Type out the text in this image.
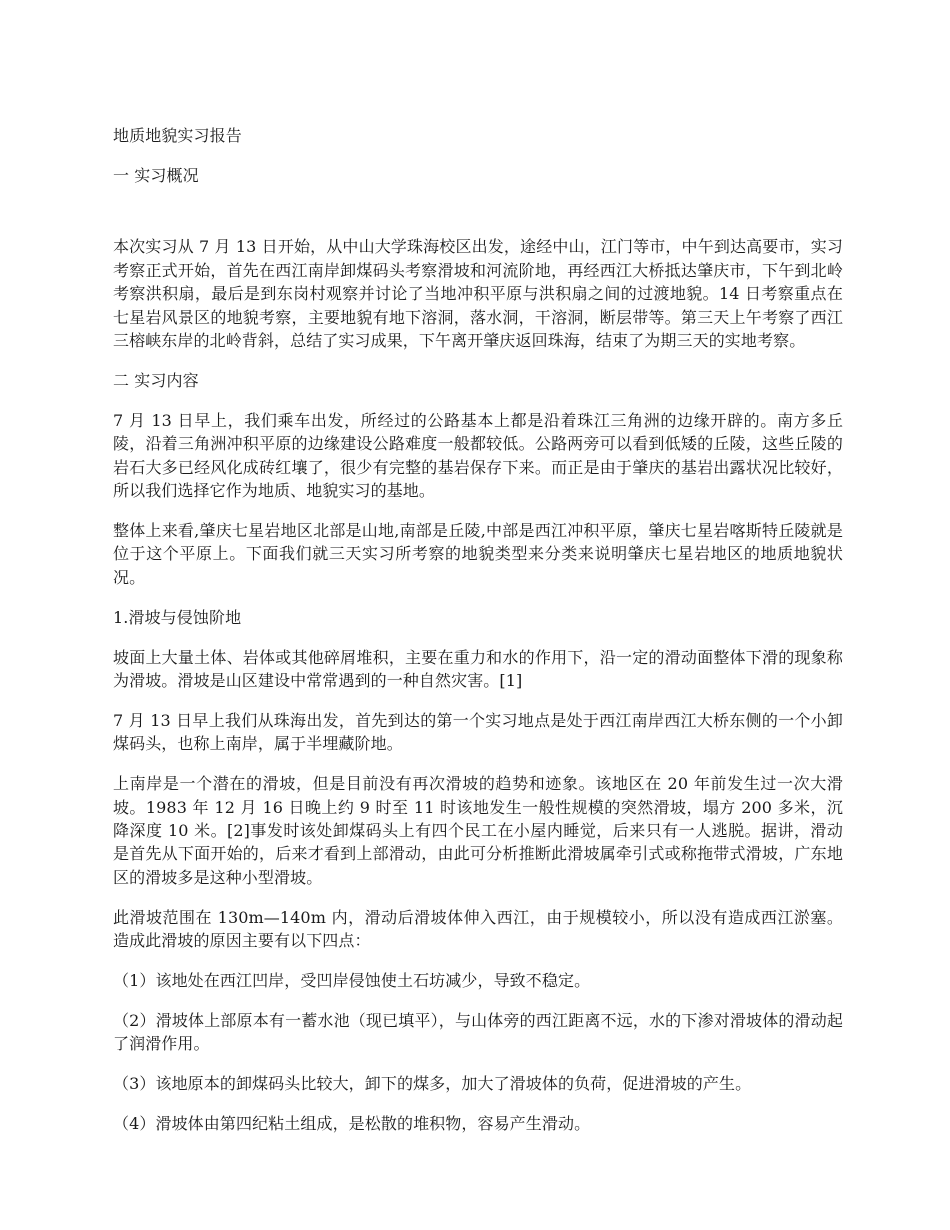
地质地貌实习报告

一 实习概况

本次实习从 7 月 13 日开始，从中山大学珠海校区出发，途经中山，江门等市，中午到达高要市，实习考察正式开始，首先在西江南岸卸煤码头考察滑坡和河流阶地，再经西江大桥抵达肇庆市，下午到北岭考察洪积扇，最后是到东岗村观察并讨论了当地冲积平原与洪积扇之间的过渡地貌。14 日考察重点在七星岩风景区的地貌考察，主要地貌有地下溶洞，落水洞，干溶洞，断层带等。第三天上午考察了西江三榕峡东岸的北岭背斜，总结了实习成果，下午离开肇庆返回珠海，结束了为期三天的实地考察。

二 实习内容

7 月 13 日早上，我们乘车出发，所经过的公路基本上都是沿着珠江三角洲的边缘开辟的。南方多丘陵，沿着三角洲冲积平原的边缘建设公路难度一般都较低。公路两旁可以看到低矮的丘陵，这些丘陵的岩石大多已经风化成砖红壤了，很少有完整的基岩保存下来。而正是由于肇庆的基岩出露状况比较好，所以我们选择它作为地质、地貌实习的基地。

整体上来看,肇庆七星岩地区北部是山地,南部是丘陵,中部是西江冲积平原，肇庆七星岩喀斯特丘陵就是位于这个平原上。下面我们就三天实习所考察的地貌类型来分类来说明肇庆七星岩地区的地质地貌状况。

1.滑坡与侵蚀阶地

坡面上大量土体、岩体或其他碎屑堆积，主要在重力和水的作用下，沿一定的滑动面整体下滑的现象称为滑坡。滑坡是山区建设中常常遇到的一种自然灾害。[1]

7 月 13 日早上我们从珠海出发，首先到达的第一个实习地点是处于西江南岸西江大桥东侧的一个小卸煤码头，也称上南岸，属于半埋藏阶地。

上南岸是一个潜在的滑坡，但是目前没有再次滑坡的趋势和迹象。该地区在 20 年前发生过一次大滑坡。1983 年 12 月 16 日晚上约 9 时至 11 时该地发生一般性规模的突然滑坡，塌方 200 多米，沉降深度 10 米。[2]事发时该处卸煤码头上有四个民工在小屋内睡觉，后来只有一人逃脱。据讲，滑动是首先从下面开始的，后来才看到上部滑动，由此可分析推断此滑坡属牵引式或称拖带式滑坡，广东地区的滑坡多是这种小型滑坡。

此滑坡范围在 130m—140m 内，滑动后滑坡体伸入西江，由于规模较小，所以没有造成西江淤塞。造成此滑坡的原因主要有以下四点：

（1）该地处在西江凹岸，受凹岸侵蚀使土石坊减少，导致不稳定。

（2）滑坡体上部原本有一蓄水池（现已填平），与山体旁的西江距离不远，水的下渗对滑坡体的滑动起了润滑作用。

（3）该地原本的卸煤码头比较大，卸下的煤多，加大了滑坡体的负荷，促进滑坡的产生。

（4）滑坡体由第四纪粘土组成，是松散的堆积物，容易产生滑动。
